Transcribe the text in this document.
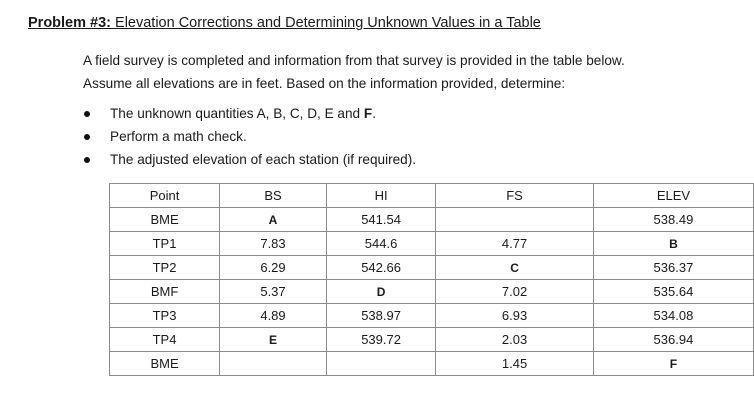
Problem #3: Elevation Corrections and Determining Unknown Values in a Table
A field survey is completed and information from that survey is provided in the table below.
Assume all elevations are in feet. Based on the information provided, determine:
The unknown quantities A, B, C, D, E and F.
Perform a math check.
The adjusted elevation of each station (if required).
Point	BS	HI	FS	ELEV
BME	A	541.54		538.49
TP1	7.83	544.6	4.77	B
TP2	6.29	542.66	C	536.37
BMF	5.37	D	7.02	535.64
TP3	4.89	538.97	6.93	534.08
TP4	E	539.72	2.03	536.94
BME			1.45	F
